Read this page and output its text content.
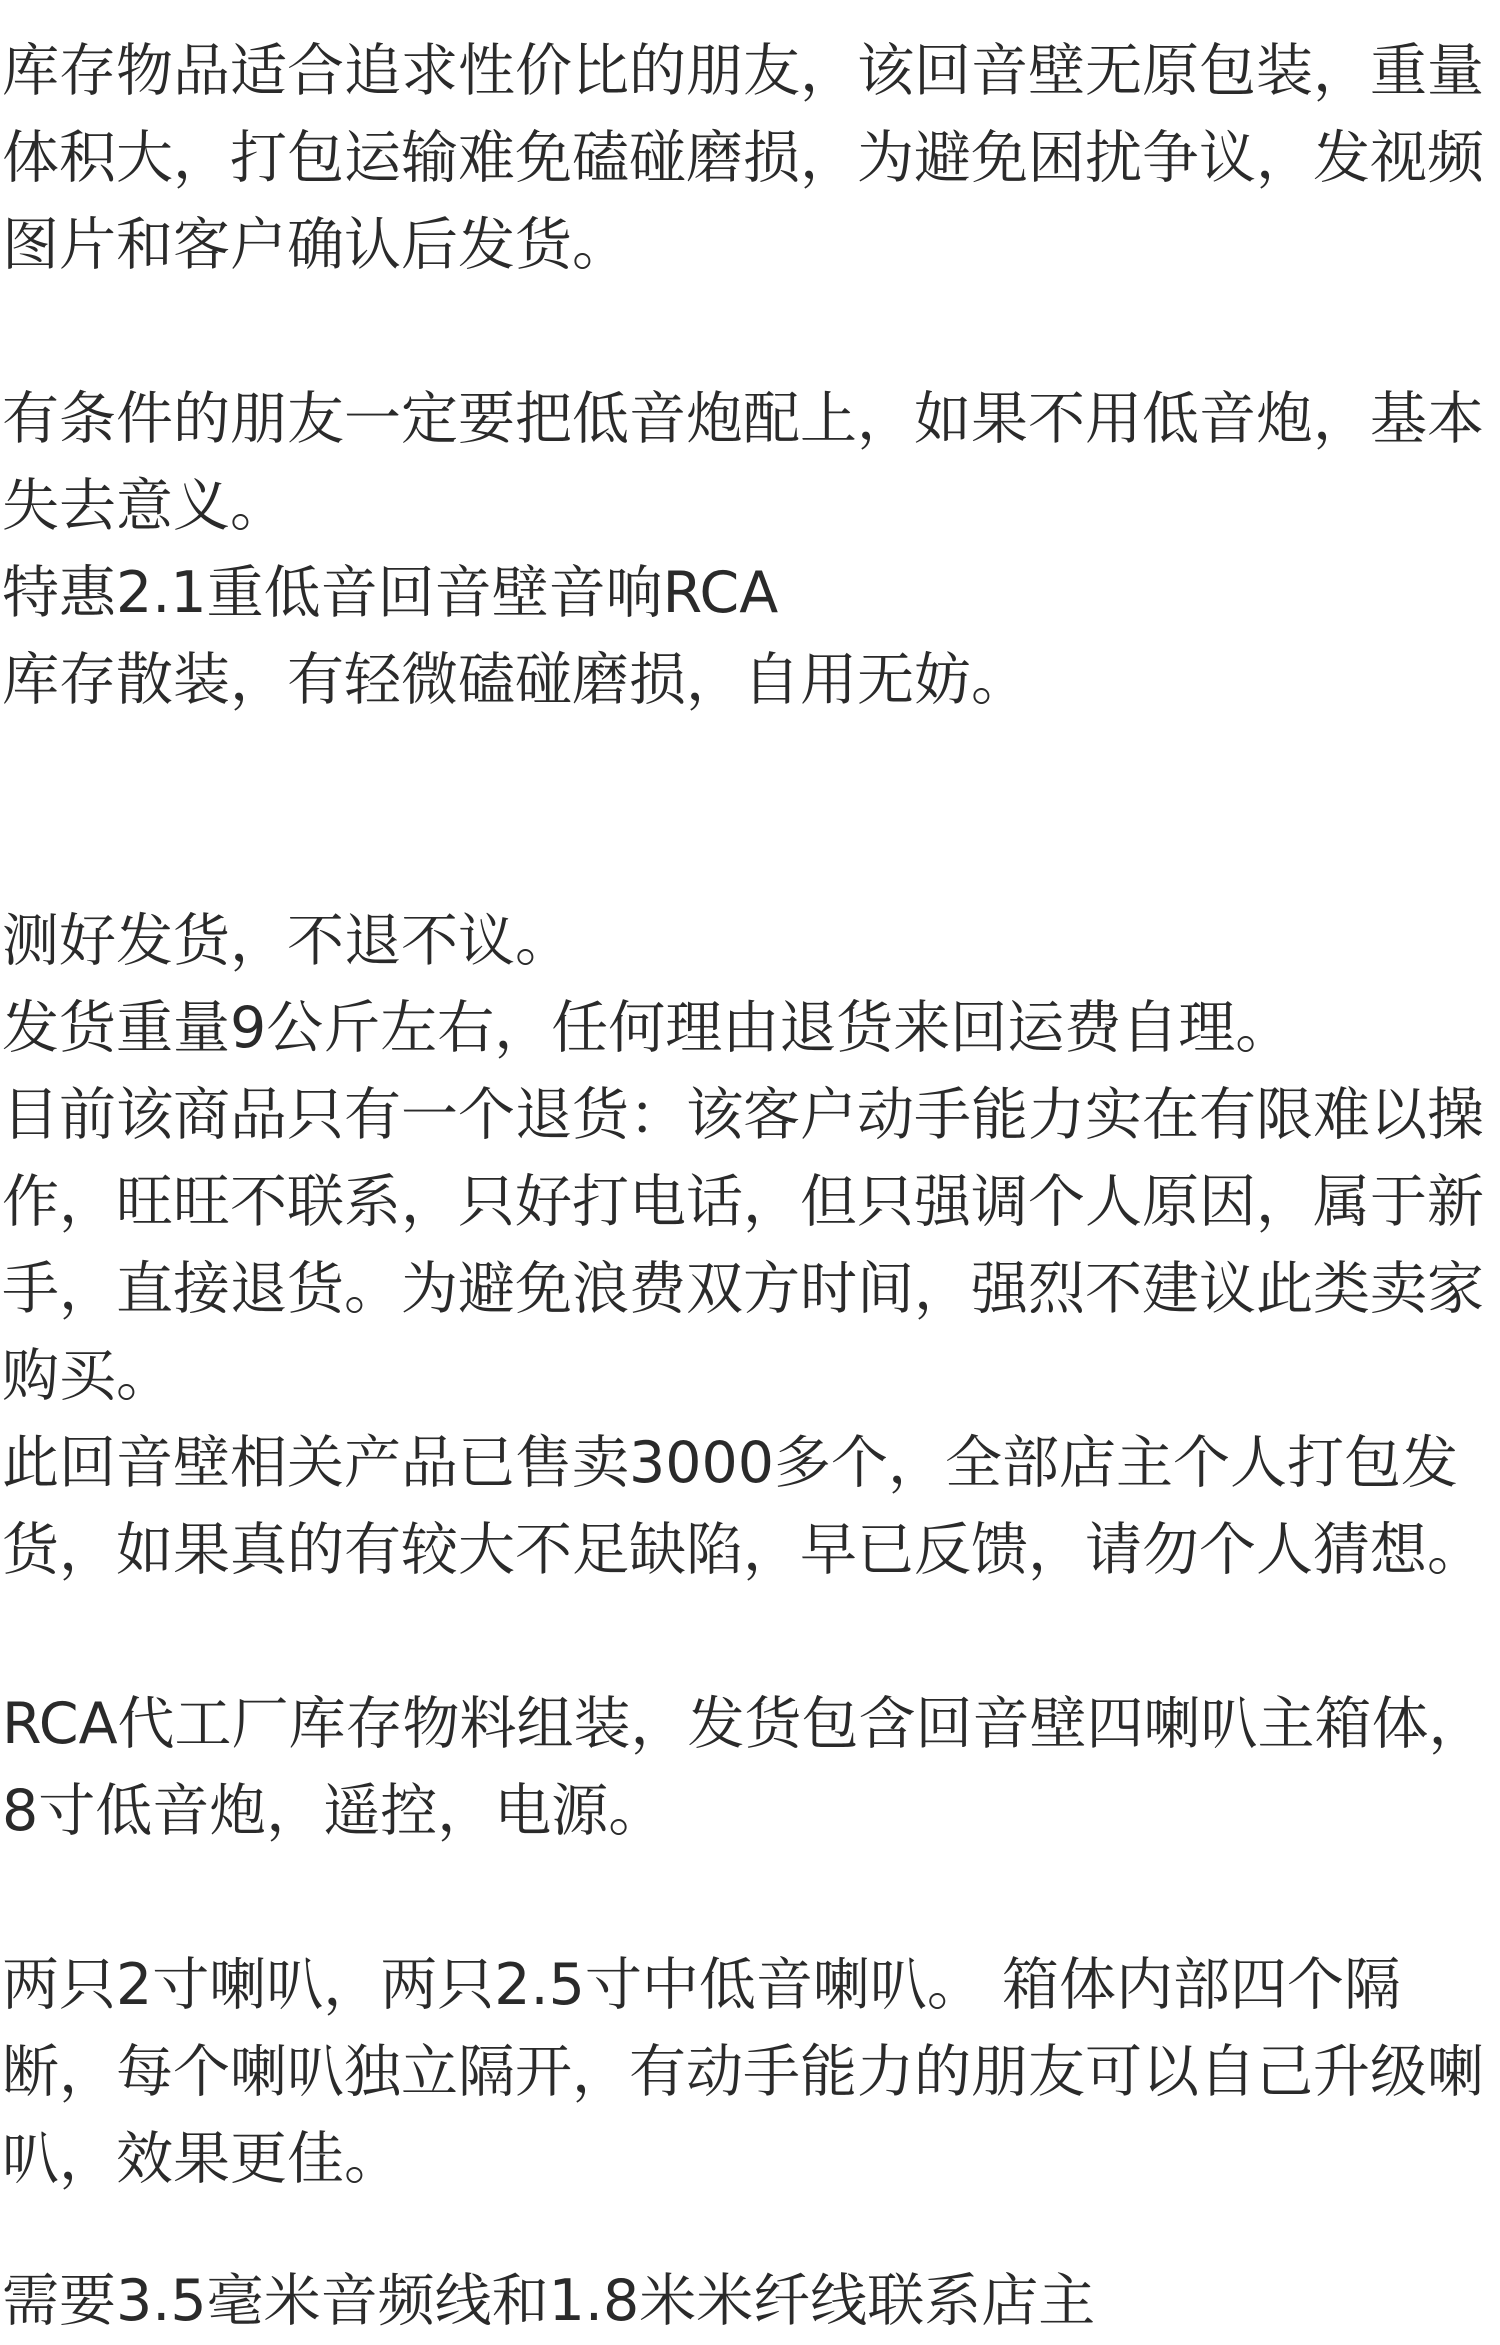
库存物品适合追求性价比的朋友，该回音壁无原包装，重量体积大，打包运输难免磕碰磨损，为避免困扰争议，发视频图片和客户确认后发货。

有条件的朋友一定要把低音炮配上，如果不用低音炮，基本失去意义。

特惠2.1重低音回音壁音响RCA

库存散装，有轻微磕碰磨损，自用无妨。

测好发货，不退不议。

发货重量9公斤左右，任何理由退货来回运费自理。

目前该商品只有一个退货：该客户动手能力实在有限难以操作，旺旺不联系，只好打电话，但只强调个人原因，属于新手，直接退货。为避免浪费双方时间，强烈不建议此类卖家购买。

此回音壁相关产品已售卖3000多个，全部店主个人打包发货，如果真的有较大不足缺陷，早已反馈，请勿个人猜想。

RCA代工厂库存物料组装，发货包含回音壁四喇叭主箱体，8寸低音炮，遥控，电源。

两只2寸喇叭，两只2.5寸中低音喇叭。 箱体内部四个隔断，每个喇叭独立隔开，有动手能力的朋友可以自己升级喇叭，效果更佳。

需要3.5毫米音频线和1.8米米纤线联系店主
